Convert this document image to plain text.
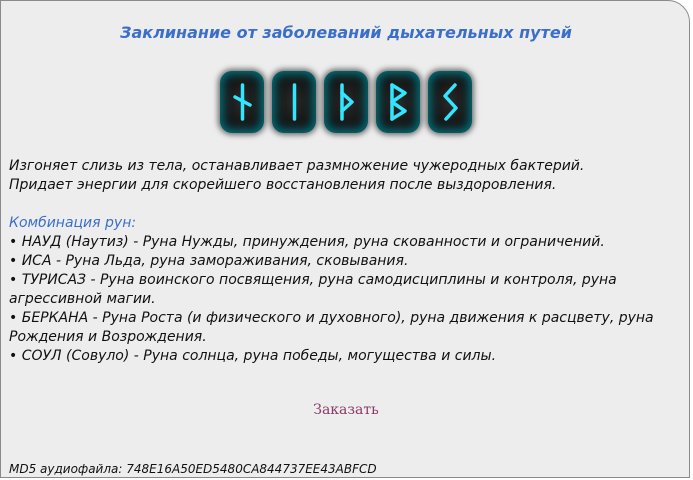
Заклинание от заболеваний дыхательных путей

Изгоняет слизь из тела, останавливает размножение чужеродных бактерий.

Придает энергии для скорейшего восстановления после выздоровления.

Комбинация рун:

• НАУД (Наутиз) - Руна Нужды, принуждения, руна скованности и ограничений.

• ИСА - Руна Льда, руна замораживания, сковывания.

• ТУРИСАЗ - Руна воинского посвящения, руна самодисциплины и контроля, руна агрессивной магии.

• БЕРКАНА - Руна Роста (и физического и духовного), руна движения к расцвету, руна Рождения и Возрождения.

• СОУЛ (Совуло) - Руна солнца, руна победы, могущества и силы.

Заказать
MD5 аудиофайла: 748E16A50ED5480CA844737EE43ABFCD
